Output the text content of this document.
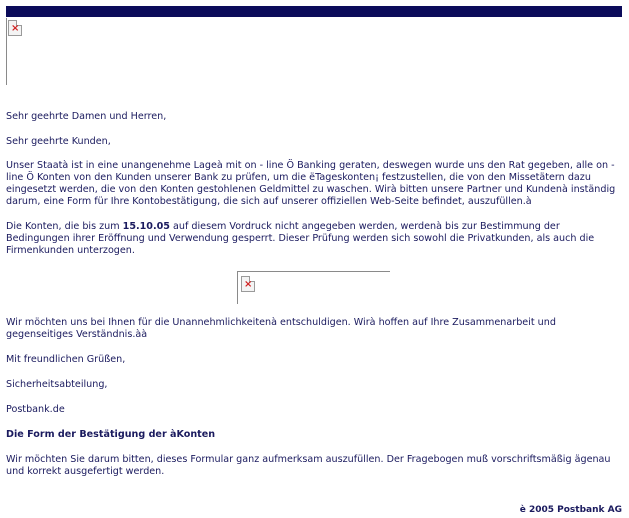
×

Sehr geehrte Damen und Herren,

Sehr geehrte Kunden,

Unser Staatà ist in eine unangenehme Lageà mit on - line Ö Banking geraten, deswegen wurde uns den Rat gegeben, alle on - line Ö Konten von den Kunden unserer Bank zu prüfen, um die ëTageskonten¡ festzustellen, die von den Missetätern dazu eingesetzt werden, die von den Konten gestohlenen Geldmittel zu waschen. Wirà bitten unsere Partner und Kundenà inständig darum, eine Form für Ihre Kontobestätigung, die sich auf unserer offiziellen Web-Seite befindet, auszufüllen.à

Die Konten, die bis zum 15.10.05 auf diesem Vordruck nicht angegeben werden, werdenà bis zur Bestimmung der Bedingungen ihrer Eröffnung und Verwendung gesperrt. Dieser Prüfung werden sich sowohl die Privatkunden, als auch die Firmenkunden unterzogen.

×

Wir möchten uns bei Ihnen für die Unannehmlichkeitenà entschuldigen. Wirà hoffen auf Ihre Zusammenarbeit und gegenseitiges Verständnis.àà

Mit freundlichen Grüßen,

Sicherheitsabteilung,

Postbank.de

Die Form der Bestätigung der àKonten

Wir möchten Sie darum bitten, dieses Formular ganz aufmerksam auszufüllen. Der Fragebogen muß vorschriftsmäßig ägenau und korrekt ausgefertigt werden.

è 2005 Postbank AG
